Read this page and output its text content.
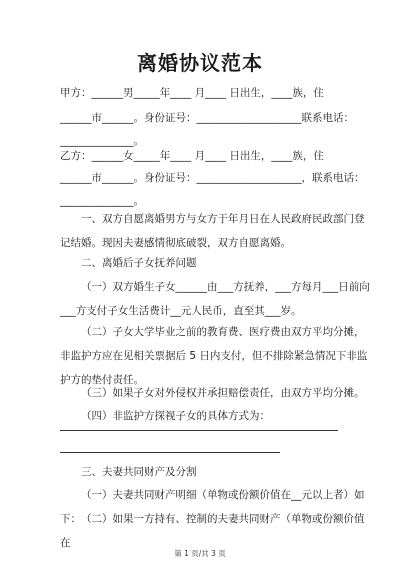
离婚协议范本
甲方：______男_____年____ 月____ 日出生，____族，住
______市______。身份证号：____________________联系电话：
______________。
乙方：______女_____年____ 月____ 日出生，____族，住
______市______。身份证号：____________________，联系电话：
______________。
一、双方自愿离婚男方与女方于年月日在人民政府民政部门登记结婚。现因夫妻感情彻底破裂，双方自愿离婚。
二、离婚后子女抚养问题
（一）双方婚生子女______由___方抚养，___方每月___日前向___方支付子女生活费计__元人民币，直至其___岁。
（二）子女大学毕业之前的教育费、医疗费由双方平均分摊，非监护方应在见相关票据后 5 日内支付，但不排除紧急情况下非监护方的垫付责任。
（三）如果子女对外侵权并承担赔偿责任，由双方平均分摊。
（四）非监护方探视子女的具体方式为：
三、夫妻共同财产及分割
（一）夫妻共同财产明细（单物或份额价值在__元以上者）如下： （二）如果一方持有、控制的夫妻共同财产（单物或份额价值在
第 1 页/共 3 页
